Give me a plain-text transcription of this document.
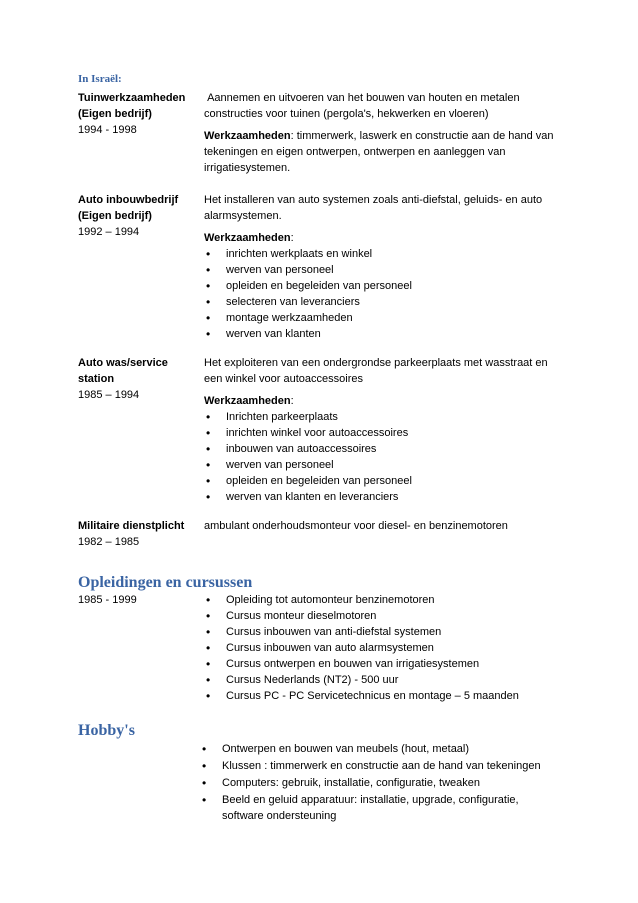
In Israël:
Tuinwerkzaamheden
(Eigen bedrijf)
1994 - 1998

Aannemen en uitvoeren van het bouwen van houten en metalen constructies voor tuinen (pergola's, hekwerken en vloeren)

Werkzaamheden: timmerwerk, laswerk en constructie aan de hand van tekeningen en eigen ontwerpen, ontwerpen en aanleggen van irrigatiesystemen.

Auto inbouwbedrijf
(Eigen bedrijf)
1992 – 1994

Het installeren van auto systemen zoals anti-diefstal, geluids- en auto alarmsystemen.

Werkzaamheden:

• inrichten werkplaats en winkel
• werven van personeel
• opleiden en begeleiden van personeel
• selecteren van leveranciers
• montage werkzaamheden
• werven van klanten
Auto was/service
station
1985 – 1994

Het exploiteren van een ondergrondse parkeerplaats met wasstraat en een winkel voor autoaccessoires

Werkzaamheden:

• Inrichten parkeerplaats
• inrichten winkel voor autoaccessoires
• inbouwen van autoaccessoires
• werven van personeel
• opleiden en begeleiden van personeel
• werven van klanten en leveranciers
Militaire dienstplicht
1982 – 1985

ambulant onderhoudsmonteur voor diesel- en benzinemotoren

Opleidingen en cursussen
1985 - 1999
•	Opleiding tot automonteur benzinemotoren
• Cursus monteur dieselmotoren
• Cursus inbouwen van anti-diefstal systemen
• Cursus inbouwen van auto alarmsystemen
• Cursus ontwerpen en bouwen van irrigatiesystemen
• Cursus Nederlands (NT2) - 500 uur
• Cursus PC - PC Servicetechnicus en montage – 5 maanden
Hobby's
• Ontwerpen en bouwen van meubels (hout, metaal)
• Klussen : timmerwerk en constructie aan de hand van tekeningen
• Computers: gebruik, installatie, configuratie, tweaken
• Beeld en geluid apparatuur: installatie, upgrade, configuratie, software ondersteuning
